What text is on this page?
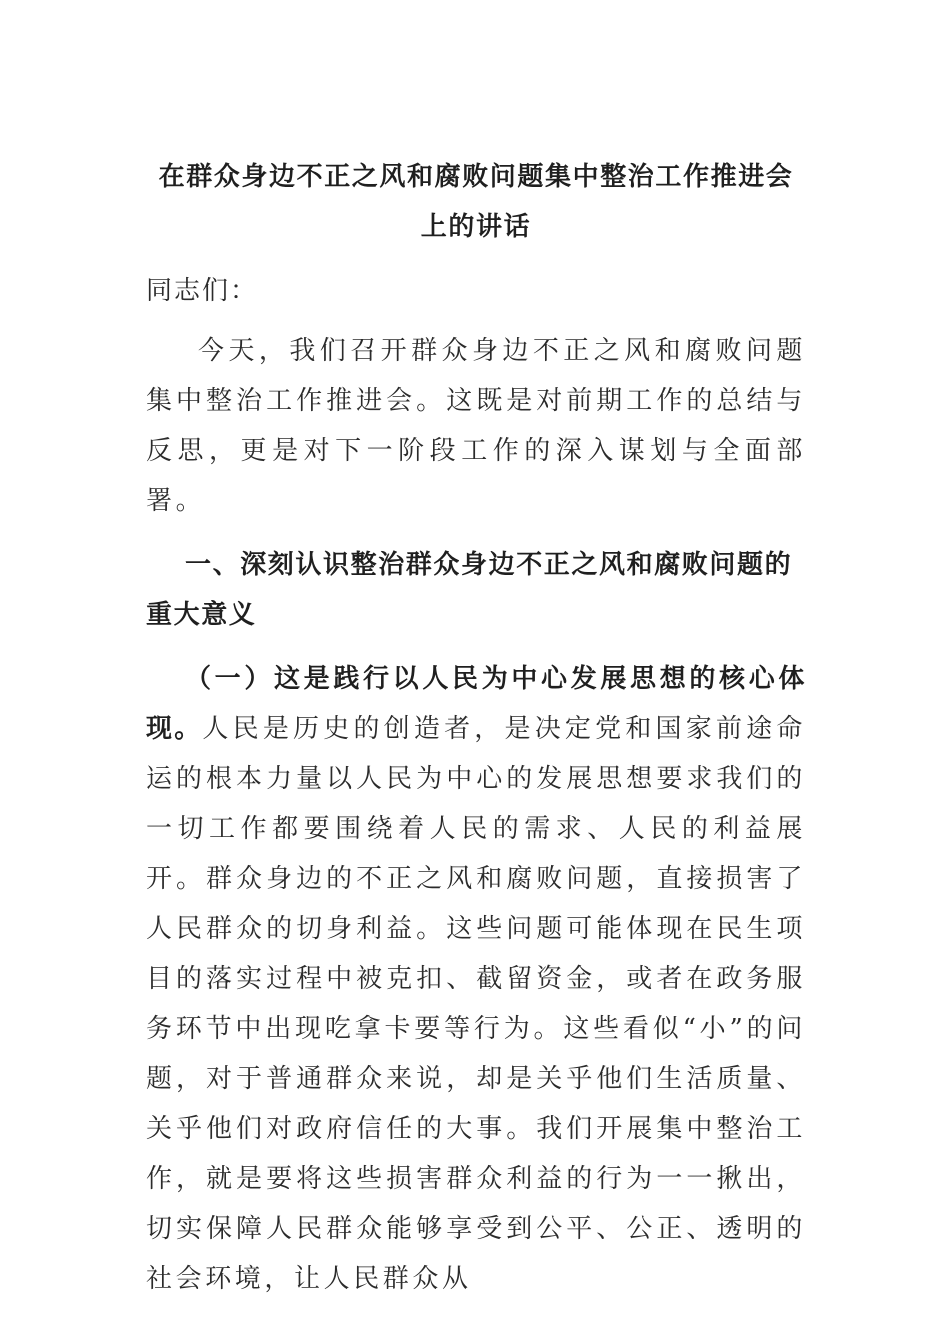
在群众身边不正之风和腐败问题集中整治工作推进会上的讲话

同志们：

今天，我们召开群众身边不正之风和腐败问题集中整治工作推进会。这既是对前期工作的总结与反思，更是对下一阶段工作的深入谋划与全面部署。

一、深刻认识整治群众身边不正之风和腐败问题的重大意义

（一）这是践行以人民为中心发展思想的核心体现。人民是历史的创造者，是决定党和国家前途命运的根本力量以人民为中心的发展思想要求我们的一切工作都要围绕着人民的需求、人民的利益展开。群众身边的不正之风和腐败问题，直接损害了人民群众的切身利益。这些问题可能体现在民生项目的落实过程中被克扣、截留资金，或者在政务服务环节中出现吃拿卡要等行为。这些看似“小”的问题，对于普通群众来说，却是关乎他们生活质量、关乎他们对政府信任的大事。我们开展集中整治工作，就是要将这些损害群众利益的行为一一揪出，切实保障人民群众能够享受到公平、公正、透明的社会环境，让人民群众从
